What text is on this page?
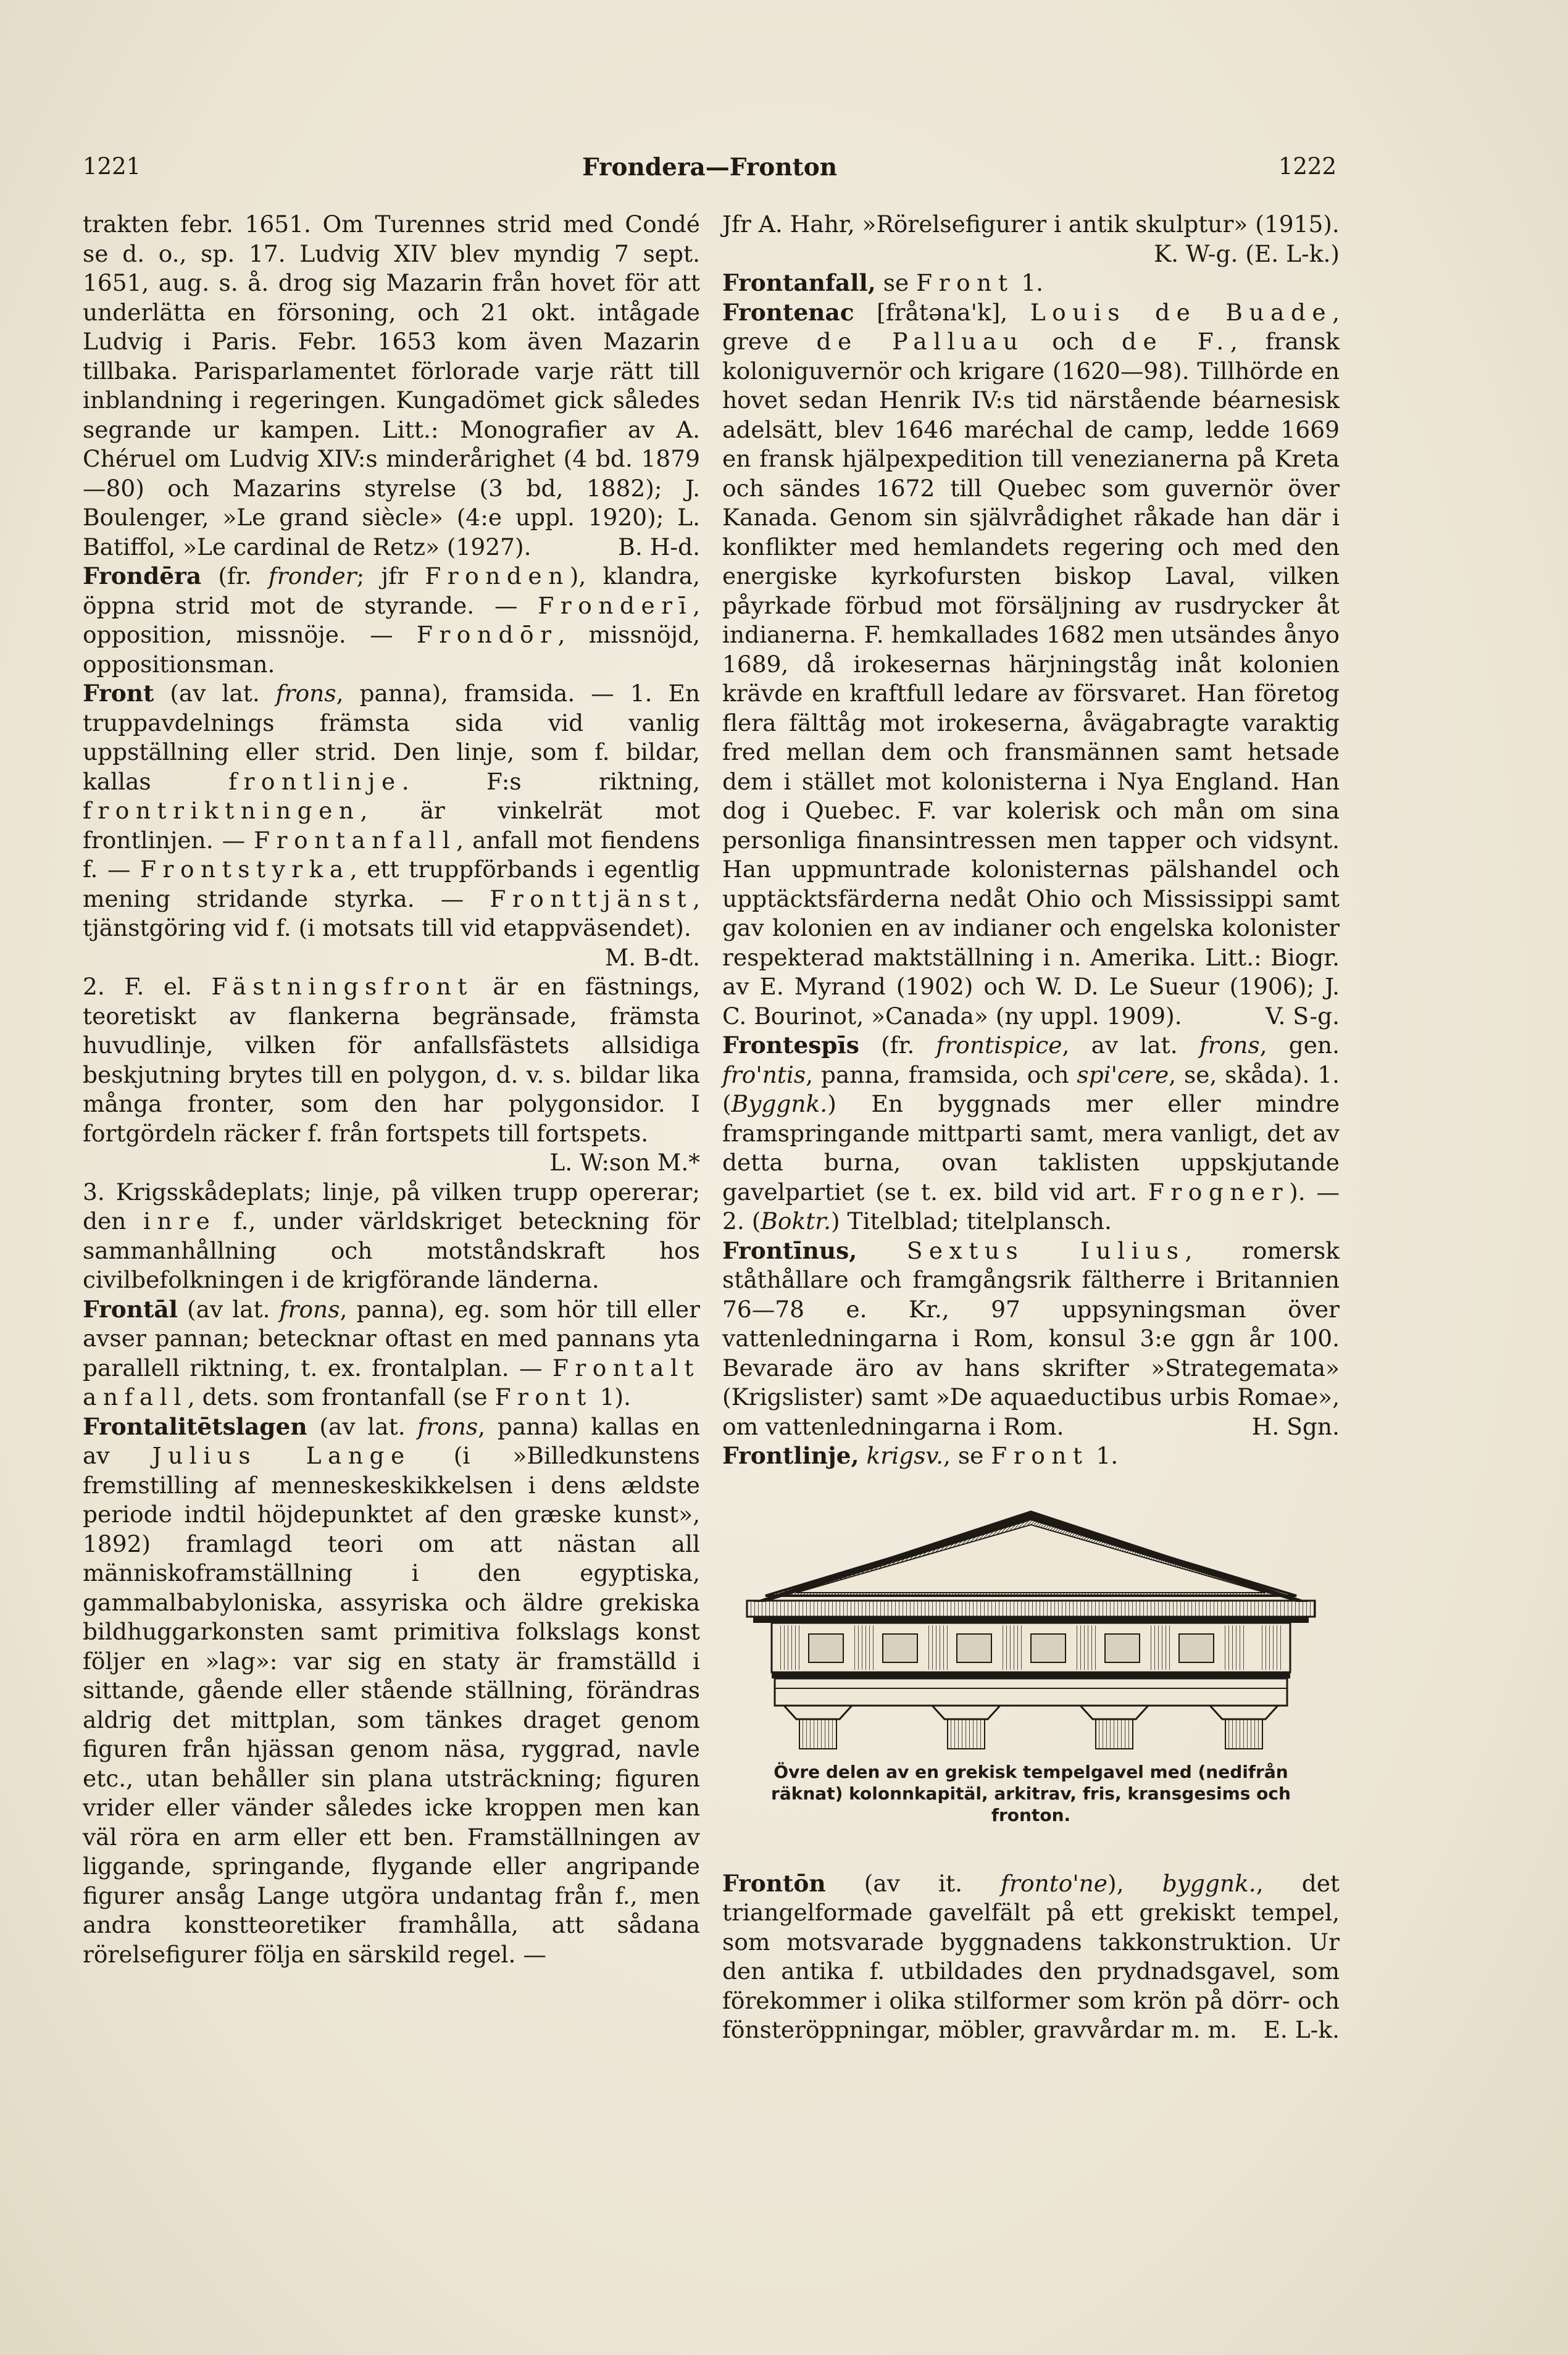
1221	Frondera—Fronton	1222

trakten febr. 1651. Om Turennes strid med Condé se d. o., sp. 17. Ludvig XIV blev myndig 7 sept. 1651, aug. s. å. drog sig Mazarin från hovet för att underlätta en försoning, och 21 okt. intågade Ludvig i Paris. Febr. 1653 kom även Mazarin tillbaka. Parisparlamentet förlorade varje rätt till inblandning i regeringen. Kungadömet gick således segrande ur kampen. Litt.: Monografier av A. Chéruel om Ludvig XIV:s minderårighet (4 bd. 1879—80) och Mazarins styrelse (3 bd, 1882); J. Boulenger, »Le grand siècle» (4:e uppl. 1920); L. Batiffol, »Le cardinal de Retz» (1927).	B. H-d.

Frondēra (fr. fronder; jfr Fronden), klandra, öppna strid mot de styrande. — Fronderī, opposition, missnöje. — Frondōr, missnöjd, oppositionsman.

Front (av lat. frons, panna), framsida. — 1. En truppavdelnings främsta sida vid vanlig uppställning eller strid. Den linje, som f. bildar, kallas frontlinje. F:s riktning, frontriktningen, är vinkelrät mot frontlinjen. — Frontanfall, anfall mot fiendens f. — Frontstyrka, ett truppförbands i egentlig mening stridande styrka. — Fronttjänst, tjänstgöring vid f. (i motsats till vid etappväsendet).
M. B-dt.

2. F. el. Fästningsfront är en fästnings, teoretiskt av flankerna begränsade, främsta huvudlinje, vilken för anfallsfästets allsidiga beskjutning brytes till en polygon, d. v. s. bildar lika många fronter, som den har polygonsidor. I fortgördeln räcker f. från fortspets till fortspets.
L. W:son M.*

3. Krigsskådeplats; linje, på vilken trupp opererar; den inre f., under världskriget beteckning för sammanhållning och motståndskraft hos civilbefolkningen i de krigförande länderna.

Frontāl (av lat. frons, panna), eg. som hör till eller avser pannan; betecknar oftast en med pannans yta parallell riktning, t. ex. frontalplan. — Frontalt anfall, dets. som frontanfall (se Front 1).

Frontalitētslagen (av lat. frons, panna) kallas en av Julius Lange (i »Billedkunstens fremstilling af menneskeskikkelsen i dens ældste periode indtil höjdepunktet af den græske kunst», 1892) framlagd teori om att nästan all människoframställning i den egyptiska, gammalbabyloniska, assyriska och äldre grekiska bildhuggarkonsten samt primitiva folkslags konst följer en »lag»: var sig en staty är framställd i sittande, gående eller stående ställning, förändras aldrig det mittplan, som tänkes draget genom figuren från hjässan genom näsa, ryggrad, navle etc., utan behåller sin plana utsträckning; figuren vrider eller vänder således icke kroppen men kan väl röra en arm eller ett ben. Framställningen av liggande, springande, flygande eller angripande figurer ansåg Lange utgöra undantag från f., men andra konstteoretiker framhålla, att sådana rörelsefigurer följa en särskild regel. —

Jfr A. Hahr, »Rörelsefigurer i antik skulptur» (1915).
K. W-g. (E. L-k.)

Frontanfall, se Front 1.

Frontenac [fråtəna'k], Louis de Buade, greve de Palluau och de F., fransk koloniguvernör och krigare (1620—98). Tillhörde en hovet sedan Henrik IV:s tid närstående béarnesisk adelsätt, blev 1646 maréchal de camp, ledde 1669 en fransk hjälpexpedition till venezianerna på Kreta och sändes 1672 till Quebec som guvernör över Kanada. Genom sin självrådighet råkade han där i konflikter med hemlandets regering och med den energiske kyrkofursten biskop Laval, vilken påyrkade förbud mot försäljning av rusdrycker åt indianerna. F. hemkallades 1682 men utsändes ånyo 1689, då irokesernas härjningståg inåt kolonien krävde en kraftfull ledare av försvaret. Han företog flera fälttåg mot irokeserna, åvägabragte varaktig fred mellan dem och fransmännen samt hetsade dem i stället mot kolonisterna i Nya England. Han dog i Quebec. F. var kolerisk och mån om sina personliga finansintressen men tapper och vidsynt. Han uppmuntrade kolonisternas pälshandel och upptäcktsfärderna nedåt Ohio och Mississippi samt gav kolonien en av indianer och engelska kolonister respekterad maktställning i n. Amerika. Litt.: Biogr. av E. Myrand (1902) och W. D. Le Sueur (1906); J. C. Bourinot, »Canada» (ny uppl. 1909).	V. S-g.

Frontespīs (fr. frontispice, av lat. frons, gen. fro'ntis, panna, framsida, och spi'cere, se, skåda). 1. (Byggnk.) En byggnads mer eller mindre framspringande mittparti samt, mera vanligt, det av detta burna, ovan taklisten uppskjutande gavelpartiet (se t. ex. bild vid art. Frogner). — 2. (Boktr.) Titelblad; titelplansch.

Frontīnus, Sextus Iulius, romersk ståthållare och framgångsrik fältherre i Britannien 76—78 e. Kr., 97 uppsyningsman över vattenledningarna i Rom, konsul 3:e ggn år 100. Bevarade äro av hans skrifter »Strategemata» (Krigslister) samt »De aquaeductibus urbis Romae», om vattenledningarna i Rom.	H. Sgn.

Frontlinje, krigsv., se Front 1.

Övre delen av en grekisk tempelgavel med (nedifrån räknat) kolonnkapitäl, arkitrav, fris, kransgesims och fronton.

Frontōn (av it. fronto'ne), byggnk., det triangelformade gavelfält på ett grekiskt tempel, som motsvarade byggnadens takkonstruktion. Ur den antika f. utbildades den prydnadsgavel, som förekommer i olika stilformer som krön på dörr- och fönsteröppningar, möbler, gravvårdar m. m. E. L-k.
